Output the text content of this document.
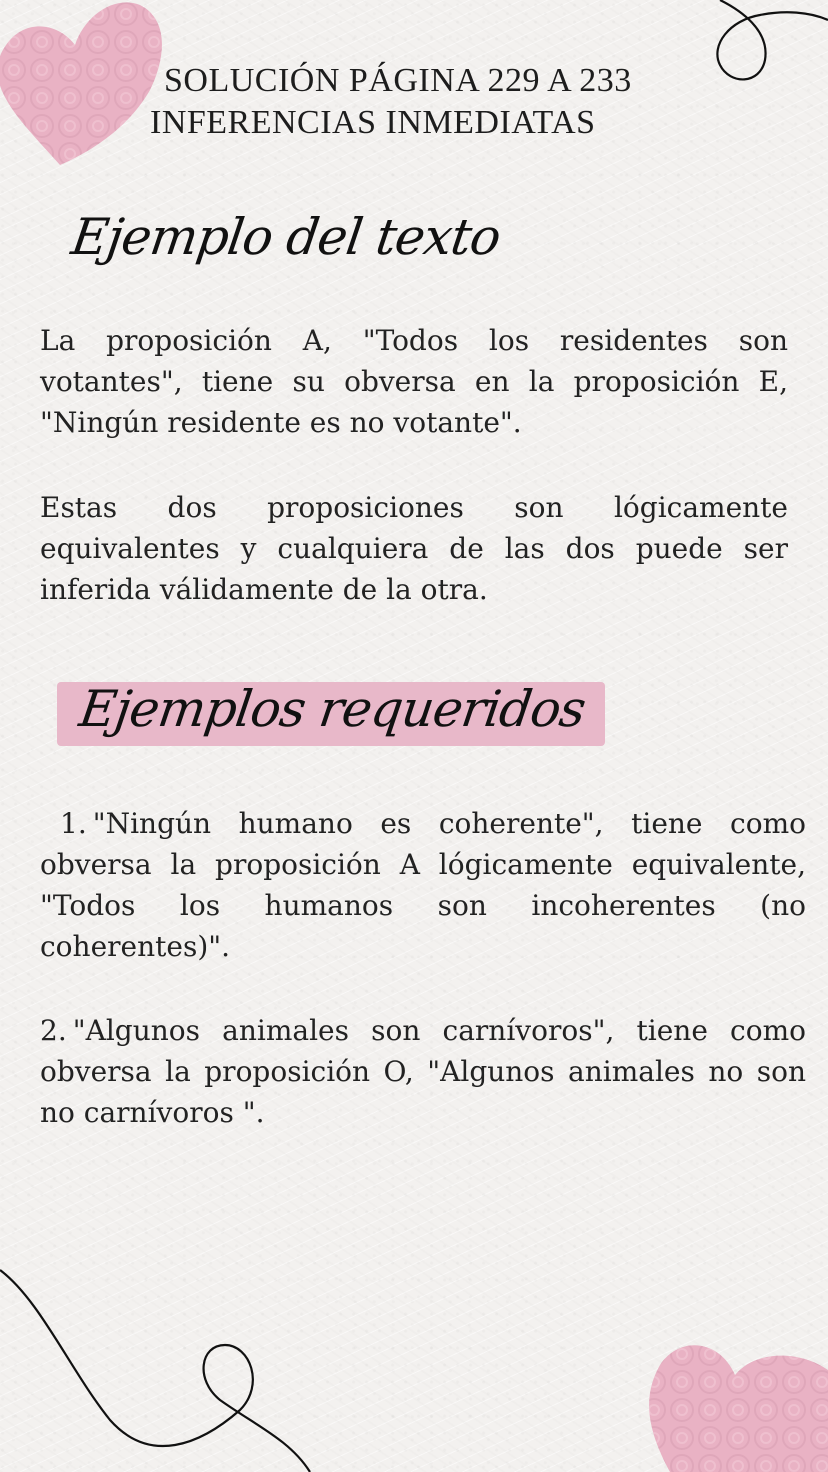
SOLUCIÓN PÁGINA 229 A 233
INFERENCIAS INMEDIATAS
Ejemplo del texto
La proposición A, "Todos los residentes son votantes", tiene su obversa en la proposición E, "Ningún residente es no votante".
Estas dos proposiciones son lógicamente equivalentes y cualquiera de las dos puede ser inferida válidamente de la otra.
Ejemplos requeridos
1. "Ningún humano es coherente", tiene como obversa la proposición A lógicamente equivalente, "Todos los humanos son incoherentes (no coherentes)".
2. "Algunos animales son carnívoros", tiene como obversa la proposición O, "Algunos animales no son no carnívoros ".
